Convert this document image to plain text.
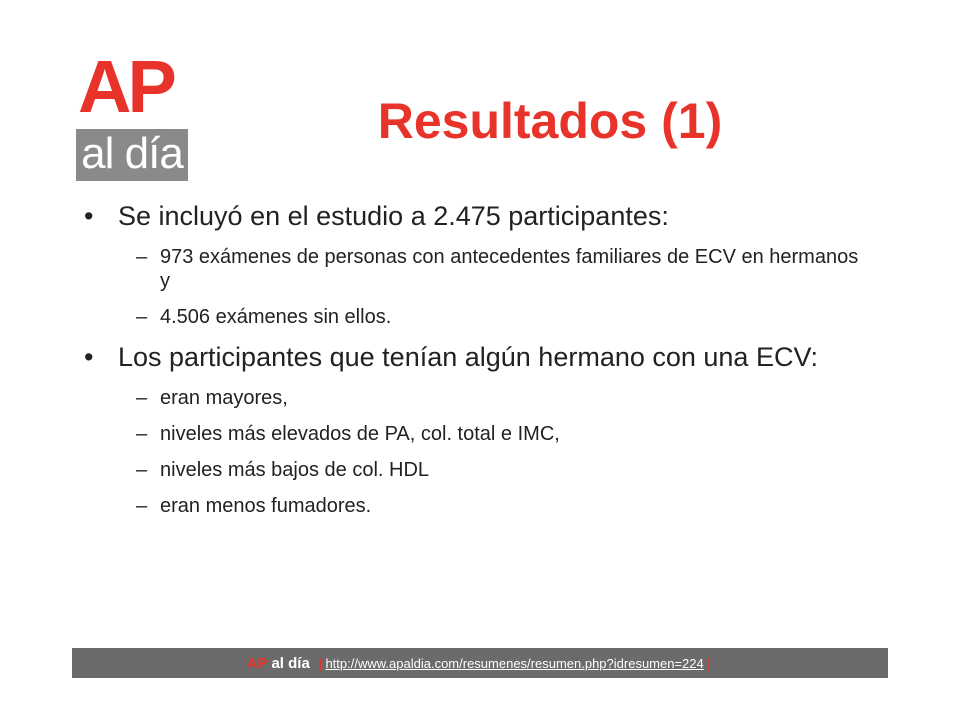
AP
al día
Resultados (1)
• Se incluyó en el estudio a 2.475 participantes:
– 973 exámenes de personas con antecedentes familiares de ECV en hermanos y
– 4.506 exámenes sin ellos.
• Los participantes que tenían algún hermano con una ECV:
– eran mayores,
– niveles más elevados de PA, col. total e IMC,
– niveles más bajos de col. HDL
– eran menos fumadores.
AP al día [ http://www.apaldia.com/resumenes/resumen.php?idresumen=224 ]
